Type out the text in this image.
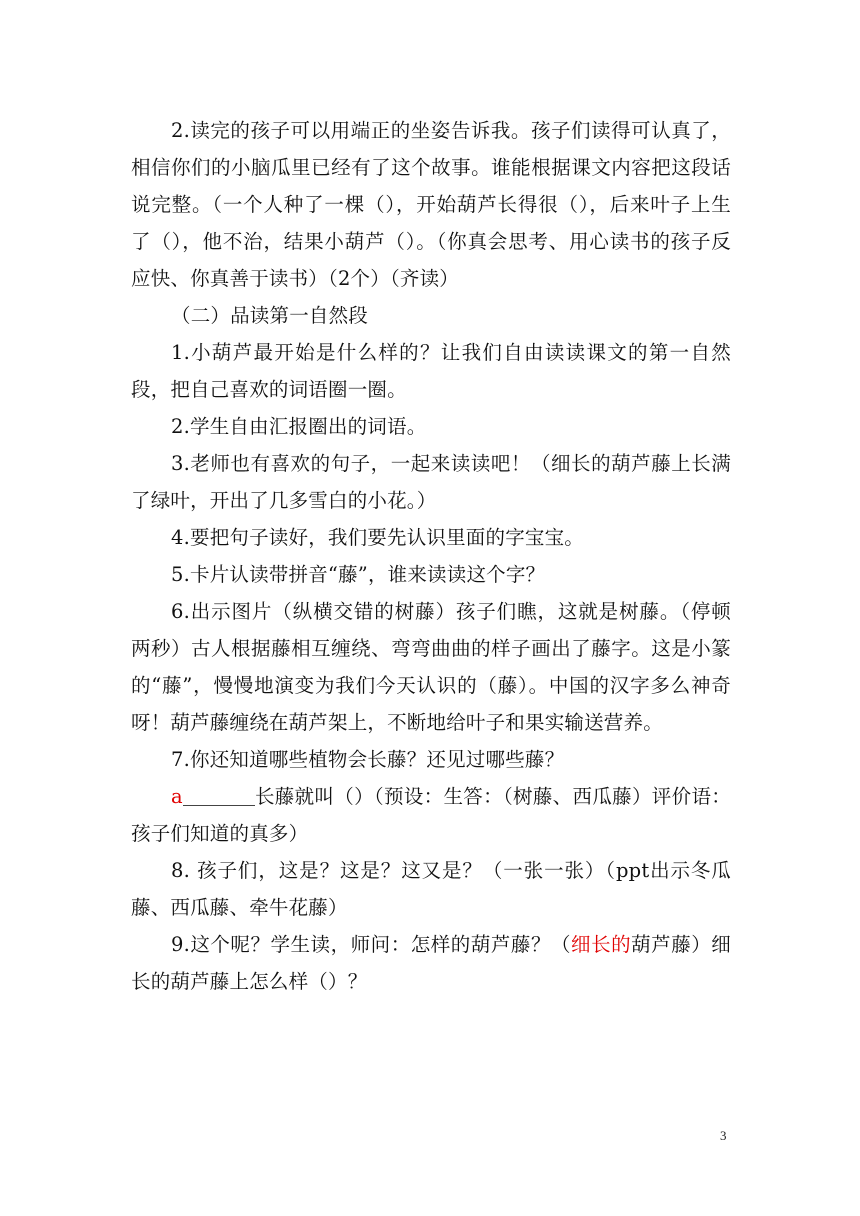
2.读完的孩子可以用端正的坐姿告诉我。孩子们读得可认真了，相信你们的小脑瓜里已经有了这个故事。谁能根据课文内容把这段话说完整。（一个人种了一棵（），开始葫芦长得很（），后来叶子上生了（），他不治，结果小葫芦（）。（你真会思考、用心读书的孩子反应快、你真善于读书）（2个）（齐读）

（二）品读第一自然段

1.小葫芦最开始是什么样的？让我们自由读读课文的第一自然段，把自己喜欢的词语圈一圈。

2.学生自由汇报圈出的词语。

3.老师也有喜欢的句子，一起来读读吧！（细长的葫芦藤上长满了绿叶，开出了几多雪白的小花。）

4.要把句子读好，我们要先认识里面的字宝宝。

5.卡片认读带拼音“藤”，谁来读读这个字？

6.出示图片（纵横交错的树藤）孩子们瞧，这就是树藤。（停顿两秒）古人根据藤相互缠绕、弯弯曲曲的样子画出了藤字。这是小篆的“藤”，慢慢地演变为我们今天认识的（藤）。中国的汉字多么神奇呀！葫芦藤缠绕在葫芦架上，不断地给叶子和果实输送营养。

7.你还知道哪些植物会长藤？还见过哪些藤？

a	长藤就叫（）（预设：生答：（树藤、西瓜藤）评价语：孩子们知道的真多）

8. 孩子们，这是？这是？这又是？（一张一张）（ppt出示冬瓜藤、西瓜藤、牵牛花藤）

9.这个呢？学生读，师问：怎样的葫芦藤？（细长的葫芦藤）细长的葫芦藤上怎么样（）？

3
